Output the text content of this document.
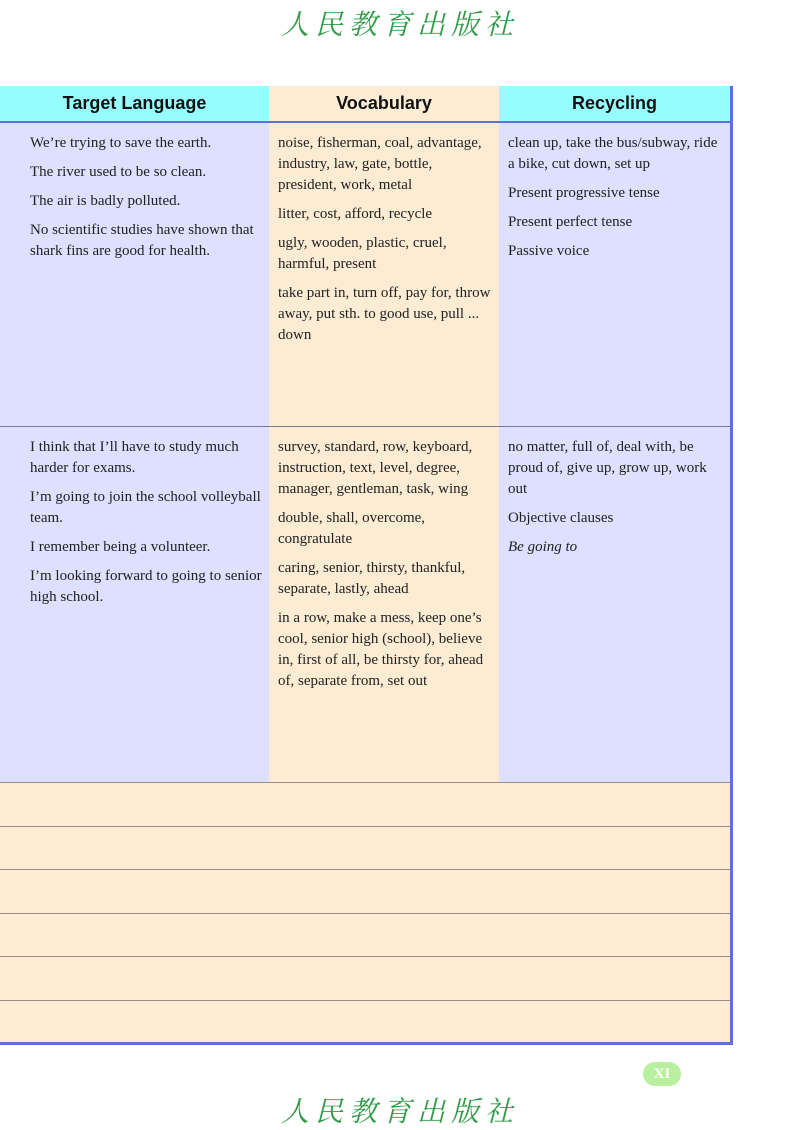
人民教育出版社
Target Language	Vocabulary	Recycling

We’re trying to save the earth.

The river used to be so clean.

The air is badly polluted.

No scientific studies have shown that shark fins are good for health.

noise, fisherman, coal, advantage, industry, law, gate, bottle, president, work, metal

litter, cost, afford, recycle

ugly, wooden, plastic, cruel, harmful, present

take part in, turn off, pay for, throw away, put sth. to good use, pull ... down

clean up, take the bus/subway, ride a bike, cut down, set up

Present progressive tense

Present perfect tense

Passive voice

I think that I’ll have to study much harder for exams.

I’m going to join the school volleyball team.

I remember being a volunteer.

I’m looking forward to going to senior high school.

survey, standard, row, keyboard, instruction, text, level, degree, manager, gentleman, task, wing

double, shall, overcome, congratulate

caring, senior, thirsty, thankful, separate, lastly, ahead

in a row, make a mess, keep one’s cool, senior high (school), believe in, first of all, be thirsty for, ahead of, separate from, set out

no matter, full of, deal with, be proud of, give up, grow up, work out

Objective clauses

Be going to

XI
人民教育出版社
